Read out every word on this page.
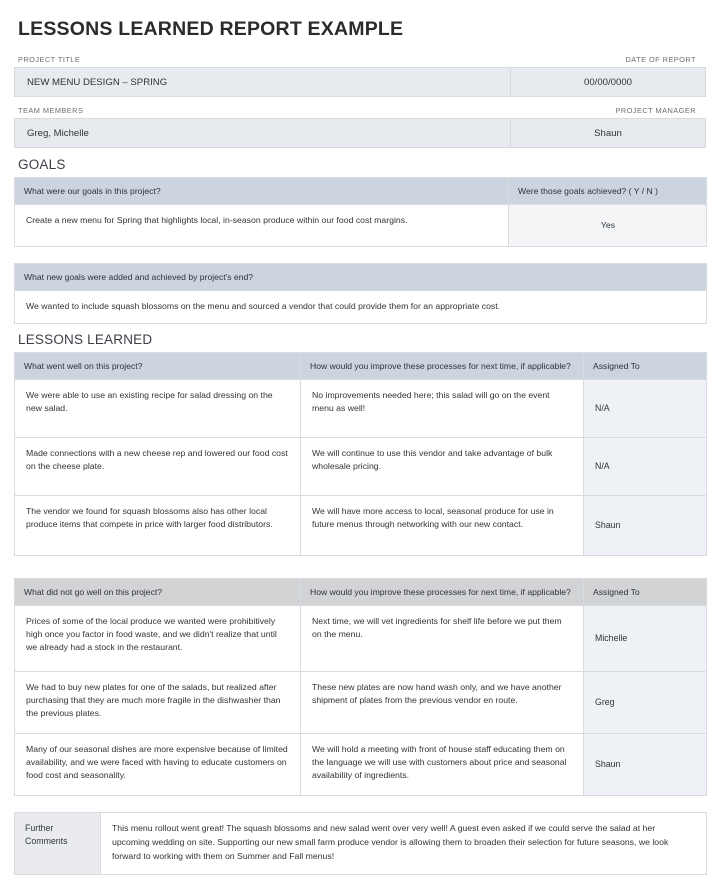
LESSONS LEARNED REPORT EXAMPLE
PROJECT TITLE
NEW MENU DESIGN – SPRING
DATE OF REPORT
00/00/0000
TEAM MEMBERS
Greg, Michelle
PROJECT MANAGER
Shaun
GOALS
What were our goals in this project?	Were those goals achieved? ( Y / N )
Create a new menu for Spring that highlights local, in-season produce within our food cost margins.	Yes
What new goals were added and achieved by project's end?
We wanted to include squash blossoms on the menu and sourced a vendor that could provide them for an appropriate cost.
LESSONS LEARNED
What went well on this project?	How would you improve these processes for next time, if applicable?	Assigned To
We were able to use an existing recipe for salad dressing on the new salad.	No improvements needed here; this salad will go on the event menu as well!	N/A
Made connections with a new cheese rep and lowered our food cost on the cheese plate.	We will continue to use this vendor and take advantage of bulk wholesale pricing.	N/A
The vendor we found for squash blossoms also has other local produce items that compete in price with larger food distributors.	We will have more access to local, seasonal produce for use in future menus through networking with our new contact.	Shaun
What did not go well on this project?	How would you improve these processes for next time, if applicable?	Assigned To
Prices of some of the local produce we wanted were prohibitively high once you factor in food waste, and we didn't realize that until we already had a stock in the restaurant.	Next time, we will vet ingredients for shelf life before we put them on the menu.	Michelle
We had to buy new plates for one of the salads, but realized after purchasing that they are much more fragile in the dishwasher than the previous plates.	These new plates are now hand wash only, and we have another shipment of plates from the previous vendor en route.	Greg
Many of our seasonal dishes are more expensive because of limited availability, and we were faced with having to educate customers on food cost and seasonality.	We will hold a meeting with front of house staff educating them on the language we will use with customers about price and seasonal availability of ingredients.	Shaun
Further Comments	This menu rollout went great! The squash blossoms and new salad went over very well! A guest even asked if we could serve the salad at her upcoming wedding on site. Supporting our new small farm produce vendor is allowing them to broaden their selection for future seasons, we look forward to working with them on Summer and Fall menus!
